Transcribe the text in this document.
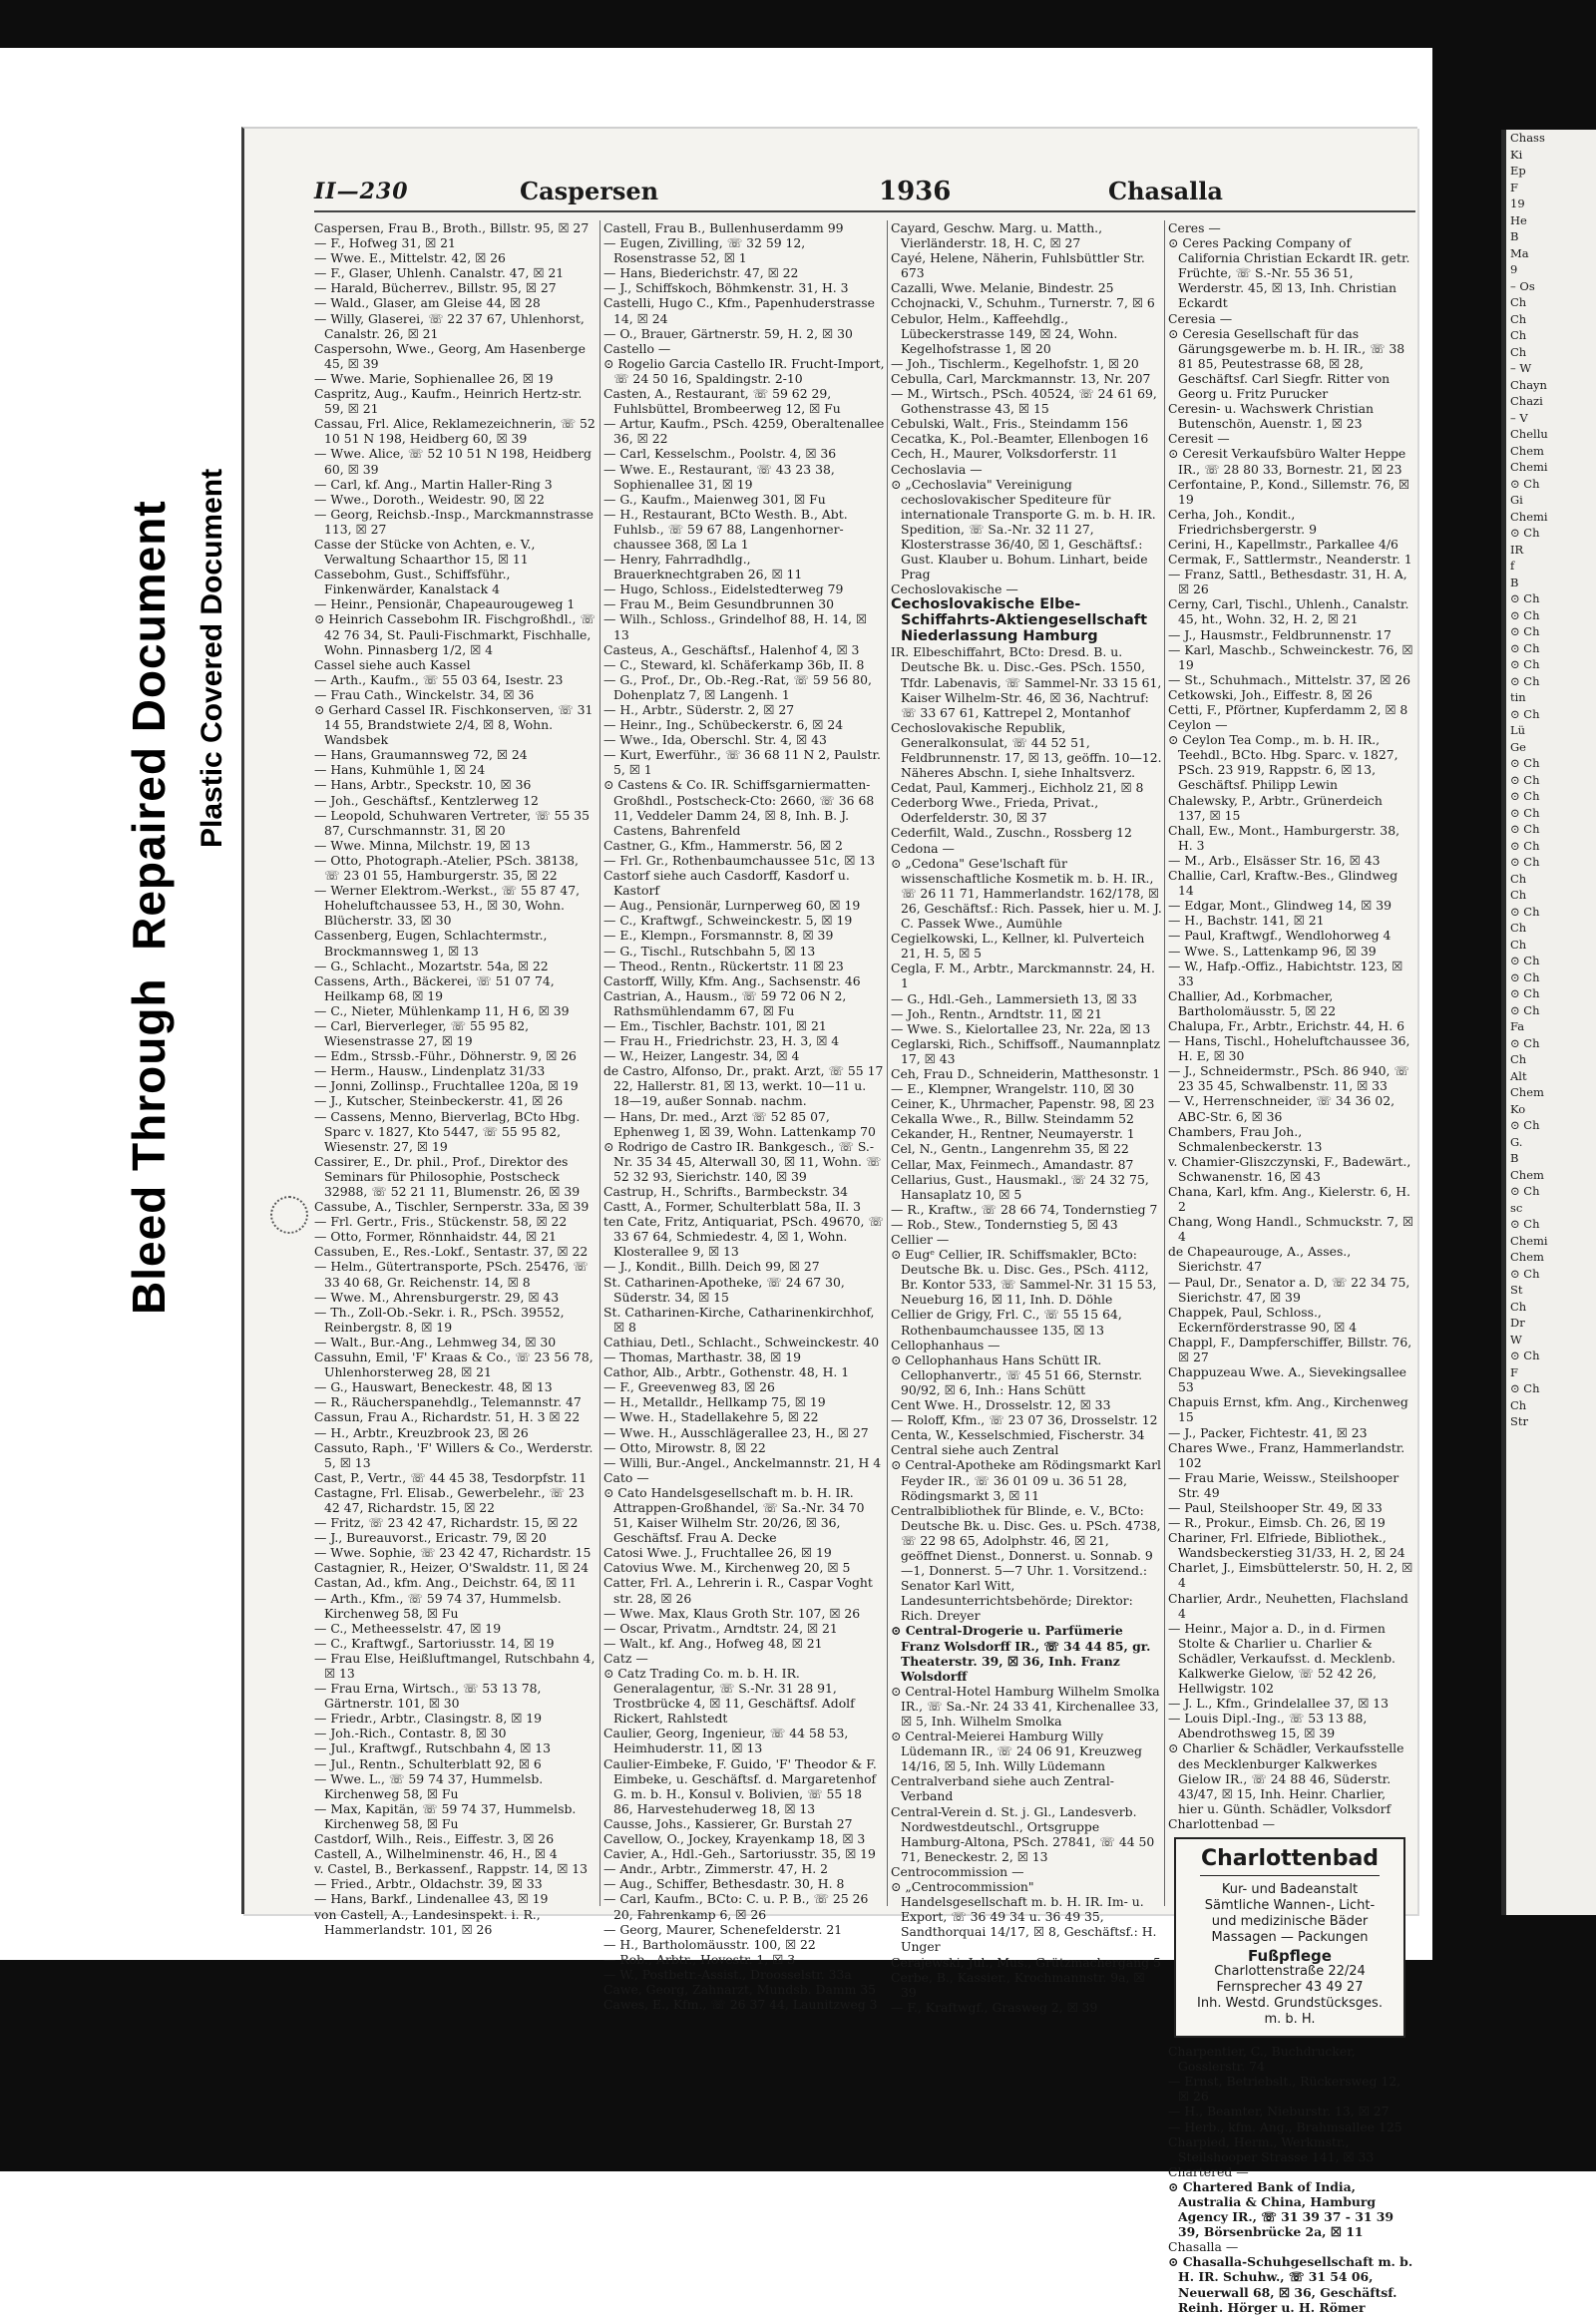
Bleed Through  Repaired Document Plastic Covered Document

Chass

Ki

Ep

F

19

He

B

Ma

9

– Os

Ch

Ch

Ch

Ch

– W

Chayn

Chazi

– V

Chellu

Chem

Chemi

⊙ Ch

Gi

Chemi

⊙ Ch

IR

f

B

⊙ Ch

⊙ Ch

⊙ Ch

⊙ Ch

⊙ Ch

⊙ Ch

tin

⊙ Ch

Lü

Ge

⊙ Ch

⊙ Ch

⊙ Ch

⊙ Ch

⊙ Ch

⊙ Ch

⊙ Ch

Ch

Ch

⊙ Ch

Ch

Ch

⊙ Ch

⊙ Ch

⊙ Ch

⊙ Ch

Fa

⊙ Ch

Ch

Alt

Chem

Ko

⊙ Ch

G.

B

Chem

⊙ Ch

sc

⊙ Ch

Chemi

Chem

⊙ Ch

St

Ch

Dr

W

⊙ Ch

F

⊙ Ch

Ch

Str

II—230	Caspersen	1936	Chasalla

Caspersen, Frau B., Broth., Billstr. 95, ☒ 27

— F., Hofweg 31, ☒ 21

— Wwe. E., Mittelstr. 42, ☒ 26

— F., Glaser, Uhlenh. Canalstr. 47, ☒ 21

— Harald, Bücherrev., Billstr. 95, ☒ 27

— Wald., Glaser, am Gleise 44, ☒ 28

— Willy, Glaserei, ☏ 22 37 67, Uhlenhorst, Canalstr. 26, ☒ 21

Caspersohn, Wwe., Georg, Am Hasenberge 45, ☒ 39

— Wwe. Marie, Sophienallee 26, ☒ 19

Caspritz, Aug., Kaufm., Heinrich Hertz-str. 59, ☒ 21

Cassau, Frl. Alice, Reklamezeichnerin, ☏ 52 10 51 N 198, Heidberg 60, ☒ 39

— Wwe. Alice, ☏ 52 10 51 N 198, Heidberg 60, ☒ 39

— Carl, kf. Ang., Martin Haller-Ring 3

— Wwe., Doroth., Weidestr. 90, ☒ 22

— Georg, Reichsb.-Insp., Marckmannstrasse 113, ☒ 27

Casse der Stücke von Achten, e. V., Verwaltung Schaarthor 15, ☒ 11

Cassebohm, Gust., Schiffsführ., Finkenwärder, Kanalstack 4

— Heinr., Pensionär, Chapeaurougeweg 1

⊙ Heinrich Cassebohm IR. Fischgroßhdl., ☏ 42 76 34, St. Pauli-Fischmarkt, Fischhalle, Wohn. Pinnasberg 1/2, ☒ 4

Cassel siehe auch Kassel

— Arth., Kaufm., ☏ 55 03 64, Isestr. 23

— Frau Cath., Winckelstr. 34, ☒ 36

⊙ Gerhard Cassel IR. Fischkonserven, ☏ 31 14 55, Brandstwiete 2/4, ☒ 8, Wohn. Wandsbek

— Hans, Graumannsweg 72, ☒ 24

— Hans, Kuhmühle 1, ☒ 24

— Hans, Arbtr., Speckstr. 10, ☒ 36

— Joh., Geschäftsf., Kentzlerweg 12

— Leopold, Schuhwaren Vertreter, ☏ 55 35 87, Curschmannstr. 31, ☒ 20

— Wwe. Minna, Milchstr. 19, ☒ 13

— Otto, Photograph.-Atelier, PSch. 38138, ☏ 23 01 55, Hamburgerstr. 35, ☒ 22

— Werner Elektrom.-Werkst., ☏ 55 87 47, Hoheluftchaussee 53, H., ☒ 30, Wohn. Blücherstr. 33, ☒ 30

Cassenberg, Eugen, Schlachtermstr., Brockmannsweg 1, ☒ 13

— G., Schlacht., Mozartstr. 54a, ☒ 22

Cassens, Arth., Bäckerei, ☏ 51 07 74, Heilkamp 68, ☒ 19

— C., Nieter, Mühlenkamp 11, H 6, ☒ 39

— Carl, Bierverleger, ☏ 55 95 82, Wiesenstrasse 27, ☒ 19

— Edm., Strssb.-Führ., Döhnerstr. 9, ☒ 26

— Herm., Hausw., Lindenplatz 31/33

— Jonni, Zollinsp., Fruchtallee 120a, ☒ 19

— J., Kutscher, Steinbeckerstr. 41, ☒ 26

— Cassens, Menno, Bierverlag, BCto Hbg. Sparc v. 1827, Kto 5447, ☏ 55 95 82, Wiesenstr. 27, ☒ 19

Cassirer, E., Dr. phil., Prof., Direktor des Seminars für Philosophie, Postscheck 32988, ☏ 52 21 11, Blumenstr. 26, ☒ 39

Cassube, A., Tischler, Sernperstr. 33a, ☒ 39

— Frl. Gertr., Fris., Stückenstr. 58, ☒ 22

— Otto, Former, Rönnhaidstr. 44, ☒ 21

Cassuben, E., Res.-Lokf., Sentastr. 37, ☒ 22

— Helm., Gütertransporte, PSch. 25476, ☏ 33 40 68, Gr. Reichenstr. 14, ☒ 8

— Wwe. M., Ahrensburgerstr. 29, ☒ 43

— Th., Zoll-Ob.-Sekr. i. R., PSch. 39552, Reinbergstr. 8, ☒ 19

— Walt., Bur.-Ang., Lehmweg 34, ☒ 30

Cassuhn, Emil, 'F' Kraas & Co., ☏ 23 56 78, Uhlenhorsterweg 28, ☒ 21

— G., Hauswart, Beneckestr. 48, ☒ 13

— R., Räucherspanehdlg., Telemannstr. 47

Cassun, Frau A., Richardstr. 51, H. 3 ☒ 22

— H., Arbtr., Kreuzbrook 23, ☒ 26

Cassuto, Raph., 'F' Willers & Co., Werderstr. 5, ☒ 13

Cast, P., Vertr., ☏ 44 45 38, Tesdorpfstr. 11

Castagne, Frl. Elisab., Gewerbelehr., ☏ 23 42 47, Richardstr. 15, ☒ 22

— Fritz, ☏ 23 42 47, Richardstr. 15, ☒ 22

— J., Bureauvorst., Ericastr. 79, ☒ 20

— Wwe. Sophie, ☏ 23 42 47, Richardstr. 15

Castagnier, R., Heizer, O'Swaldstr. 11, ☒ 24

Castan, Ad., kfm. Ang., Deichstr. 64, ☒ 11

— Arth., Kfm., ☏ 59 74 37, Hummelsb. Kirchenweg 58, ☒ Fu

— C., Metheesselstr. 47, ☒ 19

— C., Kraftwgf., Sartoriusstr. 14, ☒ 19

— Frau Else, Heißluftmangel, Rutschbahn 4, ☒ 13

— Frau Erna, Wirtsch., ☏ 53 13 78, Gärtnerstr. 101, ☒ 30

— Friedr., Arbtr., Clasingstr. 8, ☒ 19

— Joh.-Rich., Contastr. 8, ☒ 30

— Jul., Kraftwgf., Rutschbahn 4, ☒ 13

— Jul., Rentn., Schulterblatt 92, ☒ 6

— Wwe. L., ☏ 59 74 37, Hummelsb. Kirchenweg 58, ☒ Fu

— Max, Kapitän, ☏ 59 74 37, Hummelsb. Kirchenweg 58, ☒ Fu

Castdorf, Wilh., Reis., Eiffestr. 3, ☒ 26

Castell, A., Wilhelminenstr. 46, H., ☒ 4

v. Castel, B., Berkassenf., Rappstr. 14, ☒ 13

— Fried., Arbtr., Oldachstr. 39, ☒ 33

— Hans, Barkf., Lindenallee 43, ☒ 19

von Castell, A., Landesinspekt. i. R., Hammerlandstr. 101, ☒ 26

Castell, Frau B., Bullenhuserdamm 99

— Eugen, Zivilling, ☏ 32 59 12, Rosenstrasse 52, ☒ 1

— Hans, Biederichstr. 47, ☒ 22

— J., Schiffskoch, Böhmkenstr. 31, H. 3

Castelli, Hugo C., Kfm., Papenhuderstrasse 14, ☒ 24

— O., Brauer, Gärtnerstr. 59, H. 2, ☒ 30

Castello —

⊙ Rogelio Garcia Castello IR. Frucht-Import, ☏ 24 50 16, Spaldingstr. 2-10

Casten, A., Restaurant, ☏ 59 62 29, Fuhlsbüttel, Brombeerweg 12, ☒ Fu

— Artur, Kaufm., PSch. 4259, Oberaltenallee 36, ☒ 22

— Carl, Kesselschm., Poolstr. 4, ☒ 36

— Wwe. E., Restaurant, ☏ 43 23 38, Sophienallee 31, ☒ 19

— G., Kaufm., Maienweg 301, ☒ Fu

— H., Restaurant, BCto Westh. B., Abt. Fuhlsb., ☏ 59 67 88, Langenhorner-chaussee 368, ☒ La 1

— Henry, Fahrradhdlg., Brauerknechtgraben 26, ☒ 11

— Hugo, Schloss., Eidelstedterweg 79

— Frau M., Beim Gesundbrunnen 30

— Wilh., Schloss., Grindelhof 88, H. 14, ☒ 13

Casteus, A., Geschäftsf., Halenhof 4, ☒ 3

— C., Steward, kl. Schäferkamp 36b, II. 8

— G., Prof., Dr., Ob.-Reg.-Rat, ☏ 59 56 80, Dohenplatz 7, ☒ Langenh. 1

— H., Arbtr., Süderstr. 2, ☒ 27

— Heinr., Ing., Schübeckerstr. 6, ☒ 24

— Wwe., Ida, Oberschl. Str. 4, ☒ 43

— Kurt, Ewerführ., ☏ 36 68 11 N 2, Paulstr. 5, ☒ 1

⊙ Castens & Co. IR. Schiffsgarniermatten-Großhdl., Postscheck-Cto: 2660, ☏ 36 68 11, Veddeler Damm 24, ☒ 8, Inh. B. J. Castens, Bahrenfeld

Castner, G., Kfm., Hammerstr. 56, ☒ 2

— Frl. Gr., Rothenbaumchausseе 51c, ☒ 13

Castorf siehe auch Casdorff, Kasdorf u. Kastorf

— Aug., Pensionär, Lurnperweg 60, ☒ 19

— C., Kraftwgf., Schweinckestr. 5, ☒ 19

— E., Klempn., Forsmannstr. 8, ☒ 39

— G., Tischl., Rutschbahn 5, ☒ 13

— Theod., Rentn., Rückertstr. 11 ☒ 23

Castorff, Willy, Kfm. Ang., Sachsenstr. 46

Castrian, A., Hausm., ☏ 59 72 06 N 2, Rathsmühlendamm 67, ☒ Fu

— Em., Tischler, Bachstr. 101, ☒ 21

— Frau H., Friedrichstr. 23, H. 3, ☒ 4

— W., Heizer, Langestr. 34, ☒ 4

de Castro, Alfonso, Dr., prakt. Arzt, ☏ 55 17 22, Hallerstr. 81, ☒ 13, werkt. 10—11 u. 18—19, außer Sonnab. nachm.

— Hans, Dr. med., Arzt ☏ 52 85 07, Ephenweg 1, ☒ 39, Wohn. Lattenkamp 70

⊙ Rodrigo de Castro IR. Bankgesch., ☏ S.-Nr. 35 34 45, Alterwall 30, ☒ 11, Wohn. ☏ 52 32 93, Sierichstr. 140, ☒ 39

Castrup, H., Schrifts., Barmbeckstr. 34

Castt, A., Former, Schulterblatt 58a, II. 3

ten Cate, Fritz, Antiquariat, PSch. 49670, ☏ 33 67 64, Schmiedestr. 4, ☒ 1, Wohn. Klosterallee 9, ☒ 13

— J., Kondit., Billh. Deich 99, ☒ 27

St. Catharinen-Apotheke, ☏ 24 67 30, Süderstr. 34, ☒ 15

St. Catharinen-Kirche, Catharinenkirchhof, ☒ 8

Cathiau, Detl., Schlacht., Schweinckestr. 40

— Thomas, Marthastr. 38, ☒ 19

Cathor, Alb., Arbtr., Gothenstr. 48, H. 1

— F., Greevenweg 83, ☒ 26

— H., Metalldr., Hellkamp 75, ☒ 19

— Wwe. H., Stadellakehre 5, ☒ 22

— Wwe. H., Ausschlägerallee 23, H., ☒ 27

— Otto, Mirowstr. 8, ☒ 22

— Willi, Bur.-Angel., Anckelmannstr. 21, H 4

Cato —

⊙ Cato Handelsgesellschaft m. b. H. IR. Attrappen-Großhandel, ☏ Sa.-Nr. 34 70 51, Kaiser Wilhelm Str. 20/26, ☒ 36, Geschäftsf. Frau A. Decke

Catosi Wwe. J., Fruchtallee 26, ☒ 19

Catovius Wwe. M., Kirchenweg 20, ☒ 5

Catter, Frl. A., Lehrerin i. R., Caspar Voght str. 28, ☒ 26

— Wwe. Max, Klaus Groth Str. 107, ☒ 26

— Oscar, Privatm., Arndtstr. 24, ☒ 21

— Walt., kf. Ang., Hofweg 48, ☒ 21

Catz —

⊙ Catz Trading Co. m. b. H. IR. Generalagentur, ☏ S.-Nr. 31 28 91, Trostbrücke 4, ☒ 11, Geschäftsf. Adolf Rickert, Rahlstedt

Caulier, Georg, Ingenieur, ☏ 44 58 53, Heimhuderstr. 11, ☒ 13

Caulier-Eimbeke, F. Guido, 'F' Theodor & F. Eimbeke, u. Geschäftsf. d. Margaretenhof G. m. b. H., Konsul v. Bolivien, ☏ 55 18 86, Harvestehuderweg 18, ☒ 13

Causse, Johs., Kassierer, Gr. Burstah 27

Cavellow, O., Jockey, Krayenkamp 18, ☒ 3

Cavier, A., Hdl.-Geh., Sartoriusstr. 35, ☒ 19

— Andr., Arbtr., Zimmerstr. 47, H. 2

— Aug., Schiffer, Bethesdastr. 30, H. 8

— Carl, Kaufm., BCto: C. u. P. B., ☏ 25 26 20, Fahrenkamp 6, ☒ 26

— Georg, Maurer, Schenefelderstr. 21

— H., Bartholomäusstr. 100, ☒ 22

— Rob., Arbtr., Hovestr. 1, ☒ 3

— W., Postbetr.-Assist., Droosselstr. 33a

Cawe, Georg, Zahnarzt, Mundsb. Damm 35

Cawes, E., Kfm., ☏ 26 37 44, Launitzweg 3

Cayard, Geschw. Marg. u. Matth., Vierländerstr. 18, H. C, ☒ 27

Cayé, Helene, Näherin, Fuhlsbüttler Str. 673

Cazalli, Wwe. Melanie, Bindestr. 25

Cchojnacki, V., Schuhm., Turnerstr. 7, ☒ 6

Cebulor, Helm., Kaffeehdlg., Lübeckerstrasse 149, ☒ 24, Wohn. Kegelhofstrasse 1, ☒ 20

— Joh., Tischlerm., Kegelhofstr. 1, ☒ 20

Cebulla, Carl, Marckmannstr. 13, Nr. 207

— M., Wirtsch., PSch. 40524, ☏ 24 61 69, Gothenstrasse 43, ☒ 15

Cebulski, Walt., Fris., Steindamm 156

Cecatka, K., Pol.-Beamter, Ellenbogen 16

Cech, H., Maurer, Volksdorferstr. 11

Cechoslavia —

⊙ „Cechoslavia" Vereinigung cechoslovakischer Spediteure für internationale Transporte G. m. b. H. IR. Spedition, ☏ Sa.-Nr. 32 11 27, Klosterstrasse 36/40, ☒ 1, Geschäftsf.: Gust. Klauber u. Bohum. Linhart, beide Prag

Cechoslovakische —

Cechoslovakische Elbe-Schiffahrts-Aktiengesellschaft Niederlassung Hamburg

IR. Elbeschiffahrt, BCto: Dresd. B. u. Deutsche Bk. u. Disc.-Ges. PSch. 1550, Tfdr. Labenavis, ☏ Sammel-Nr. 33 15 61, Kaiser Wilhelm-Str. 46, ☒ 36, Nachtruf: ☏ 33 67 61, Kattrepel 2, Montanhof

Cechoslovakische Republik, Generalkonsulat, ☏ 44 52 51, Feldbrunnenstr. 17, ☒ 13, geöffn. 10—12. Näheres Abschn. I, siehe Inhaltsverz.

Cedat, Paul, Kammerj., Eichholz 21, ☒ 8

Cederborg Wwe., Frieda, Privat., Oderfelderstr. 30, ☒ 37

Cederfilt, Wald., Zuschn., Rossberg 12

Cedona —

⊙ „Cedona" Gese'lschaft für wissenschaftliche Kosmetik m. b. H. IR., ☏ 26 11 71, Hammerlandstr. 162/178, ☒ 26, Geschäftsf.: Rich. Passek, hier u. M. J. C. Passek Wwe., Aumühle

Cegielkowski, L., Kellner, kl. Pulverteich 21, H. 5, ☒ 5

Cegla, F. M., Arbtr., Marckmannstr. 24, H. 1

— G., Hdl.-Geh., Lammersieth 13, ☒ 33

— Joh., Rentn., Arndtstr. 11, ☒ 21

— Wwe. S., Kielortallee 23, Nr. 22a, ☒ 13

Ceglarski, Rich., Schiffsoff., Naumannplatz 17, ☒ 43

Ceh, Frau D., Schneiderin, Matthesonstr. 1

— E., Klempner, Wrangelstr. 110, ☒ 30

Ceiner, K., Uhrmacher, Papenstr. 98, ☒ 23

Cekalla Wwe., R., Billw. Steindamm 52

Cekander, H., Rentner, Neumayerstr. 1

Cel, N., Gentn., Langenrehm 35, ☒ 22

Cellar, Max, Feinmech., Amandastr. 87

Cellarius, Gust., Hausmakl., ☏ 24 32 75, Hansaplatz 10, ☒ 5

— R., Kraftw., ☏ 28 66 74, Tondernstieg 7

— Rob., Stew., Tondernstieg 5, ☒ 43

Cellier —

⊙ Eugᵉ Cellier, IR. Schiffsmakler, BCto: Deutsche Bk. u. Disc. Ges., PSch. 4112, Br. Kontor 533, ☏ Sammel-Nr. 31 15 53, Neueburg 16, ☒ 11, Inh. D. Döhle

Cellier de Grigy, Frl. C., ☏ 55 15 64, Rothenbaumchaussee 135, ☒ 13

Cellophanhaus —

⊙ Cellophanhaus Hans Schütt IR. Cellophanvertr., ☏ 45 51 66, Sternstr. 90/92, ☒ 6, Inh.: Hans Schütt

Cent Wwe. H., Drosselstr. 12, ☒ 33

— Roloff, Kfm., ☏ 23 07 36, Drosselstr. 12

Centa, W., Kesselschmied, Fischerstr. 34

Central siehe auch Zentral

⊙ Central-Apotheke am Rödingsmarkt Karl Feyder IR., ☏ 36 01 09 u. 36 51 28, Rödingsmarkt 3, ☒ 11

Centralbibliothek für Blinde, e. V., BCto: Deutsche Bk. u. Disc. Ges. u. PSch. 4738, ☏ 22 98 65, Adolphstr. 46, ☒ 21, geöffnet Dienst., Donnerst. u. Sonnab. 9—1, Donnerst. 5—7 Uhr. 1. Vorsitzend.: Senator Karl Witt, Landesunterrichtsbehörde; Direktor: Rich. Dreyer

⊙ Central-Drogerie u. Parfümerie Franz Wolsdorff IR., ☏ 34 44 85, gr. Theaterstr. 39, ☒ 36, Inh. Franz Wolsdorff

⊙ Central-Hotel Hamburg Wilhelm Smolka IR., ☏ Sa.-Nr. 24 33 41, Kirchenallee 33, ☒ 5, Inh. Wilhelm Smolka

⊙ Central-Meierei Hamburg Willy Lüdemann IR., ☏ 24 06 91, Kreuzweg 14/16, ☒ 5, Inh. Willy Lüdemann

Centralverband siehe auch Zentral-Verband

Central-Verein d. St. j. Gl., Landesverb. Nordwestdeutschl., Ortsgruppe Hamburg-Altona, PSch. 27841, ☏ 44 50 71, Beneckestr. 2, ☒ 13

Centrocommission —

⊙ „Centrocommission" Handelsgesellschaft m. b. H. IR. Im- u. Export, ☏ 36 49 34 u. 36 49 35, Sandthorquai 14/17, ☒ 8, Geschäftsf.: H. Unger

Cerajewski, Jul., Mus., Grützmachergang 5

Cerbe, B., Kassier., Krochmannstr. 9a, ☒ 39

— F., Kraftwgf., Grasweg 2, ☒ 39

Ceres —

⊙ Ceres Packing Company of California Christian Eckardt IR. getr. Früchte, ☏ S.-Nr. 55 36 51, Werderstr. 45, ☒ 13, Inh. Christian Eckardt

Ceresia —

⊙ Ceresia Gesellschaft für das Gärungsgewerbe m. b. H. IR., ☏ 38 81 85, Peutestrasse 68, ☒ 28, Geschäftsf. Carl Siegfr. Ritter von Georg u. Fritz Purucker

Ceresin- u. Wachswerk Christian Butenschön, Auenstr. 1, ☒ 23

Ceresit —

⊙ Ceresit Verkaufsbüro Walter Heppe IR., ☏ 28 80 33, Bornestr. 21, ☒ 23

Cerfontaine, P., Kond., Sillemstr. 76, ☒ 19

Cerha, Joh., Kondit., Friedrichsbergerstr. 9

Cerini, H., Kapellmstr., Parkallee 4/6

Cermak, F., Sattlermstr., Neanderstr. 1

— Franz, Sattl., Bethesdastr. 31, H. A, ☒ 26

Cerny, Carl, Tischl., Uhlenh., Canalstr. 45, ht., Wohn. 32, H. 2, ☒ 21

— J., Hausmstr., Feldbrunnenstr. 17

— Karl, Maschb., Schweinckestr. 76, ☒ 19

— St., Schuhmach., Mittelstr. 37, ☒ 26

Cetkowski, Joh., Eiffestr. 8, ☒ 26

Cetti, F., Pförtner, Kupferdamm 2, ☒ 8

Ceylon —

⊙ Ceylon Tea Comp., m. b. H. IR., Teehdl., BCto. Hbg. Sparc. v. 1827, PSch. 23 919, Rappstr. 6, ☒ 13, Geschäftsf. Philipp Lewin

Chalewsky, P., Arbtr., Grünerdeich 137, ☒ 15

Chall, Ew., Mont., Hamburgerstr. 38, H. 3

— M., Arb., Elsässer Str. 16, ☒ 43

Challie, Carl, Kraftw.-Bes., Glindweg 14

— Edgar, Mont., Glindweg 14, ☒ 39

— H., Bachstr. 141, ☒ 21

— Paul, Kraftwgf., Wendlohorweg 4

— Wwe. S., Lattenkamp 96, ☒ 39

— W., Hafp.-Offiz., Habichtstr. 123, ☒ 33

Challier, Ad., Korbmacher, Bartholomäusstr. 5, ☒ 22

Chalupa, Fr., Arbtr., Erichstr. 44, H. 6

— Hans, Tischl., Hoheluftchaussee 36, H. E, ☒ 30

— J., Schneidermstr., PSch. 86 940, ☏ 23 35 45, Schwalbenstr. 11, ☒ 33

— V., Herrenschneider, ☏ 34 36 02, ABC-Str. 6, ☒ 36

Chambers, Frau Joh., Schmalenbeckerstr. 13

v. Chamier-Gliszczynski, F., Badewärt., Schwanenstr. 16, ☒ 43

Chana, Karl, kfm. Ang., Kielerstr. 6, H. 2

Chang, Wong Handl., Schmuckstr. 7, ☒ 4

de Chapeaurouge, A., Asses., Sierichstr. 47

— Paul, Dr., Senator a. D, ☏ 22 34 75, Sierichstr. 47, ☒ 39

Chappek, Paul, Schloss., Eckernförderstrasse 90, ☒ 4

Chappl, F., Dampferschiffer, Billstr. 76, ☒ 27

Chappuzeau Wwe. A., Sievekingsallee 53

Chapuis Ernst, kfm. Ang., Kirchenweg 15

— J., Packer, Fichtestr. 41, ☒ 23

Chares Wwe., Franz, Hammerlandstr. 102

— Frau Marie, Weissw., Steilshooper Str. 49

— Paul, Steilshooper Str. 49, ☒ 33

— R., Prokur., Eimsb. Ch. 26, ☒ 19

Chariner, Frl. Elfriede, Bibliothek., Wandsbeckerstieg 31/33, H. 2, ☒ 24

Charlet, J., Eimsbüttelerstr. 50, H. 2, ☒ 4

Charlier, Ardr., Neuhetten, Flachsland 4

— Heinr., Major a. D., in d. Firmen Stolte & Charlier u. Charlier & Schädler, Verkaufsst. d. Mecklenb. Kalkwerke Gielow, ☏ 52 42 26, Hellwigstr. 102

— J. L., Kfm., Grindelallee 37, ☒ 13

— Louis Dipl.-Ing., ☏ 53 13 88, Abendrothsweg 15, ☒ 39

⊙ Charlier & Schädler, Verkaufsstelle des Mecklenburger Kalkwerkes Gielow IR., ☏ 24 88 46, Süderstr. 43/47, ☒ 15, Inh. Heinr. Charlier, hier u. Günth. Schädler, Volksdorf

Charlottenbad —

Charlottenbad
Kur- und Badeanstalt
Sämtliche Wannen-, Licht-
und medizinische Bäder
Massagen — Packungen
Fußpflege
Charlottenstraße 22/24
Fernsprecher 43 49 27
Inh. Westd. Grundstücksges.
m. b. H.

Charpentier, C., Buchdrucker, Gosslerstr. 74

— Ernst, Betriebslt., Rückersweg 12, ☒ 26

— H., Beamter, Nieburstr. 13, ☒ 27

— Herb., kfm. Ang., Brahmsallee 125

Charpied, Herm., Werkmstr., Steilshooper Strasse 141, ☒ 33

Chartered —

⊙ Chartered Bank of India, Australia & China, Hamburg Agency IR., ☏ 31 39 37 - 31 39 39, Börsenbrücke 2a, ☒ 11

Chasalla —

⊙ Chasalla-Schuhgesellschaft m. b. H. IR. Schuhw., ☏ 31 54 06, Neuerwall 68, ☒ 36, Geschäftsf. Reinh. Hörger u. H. Römer
